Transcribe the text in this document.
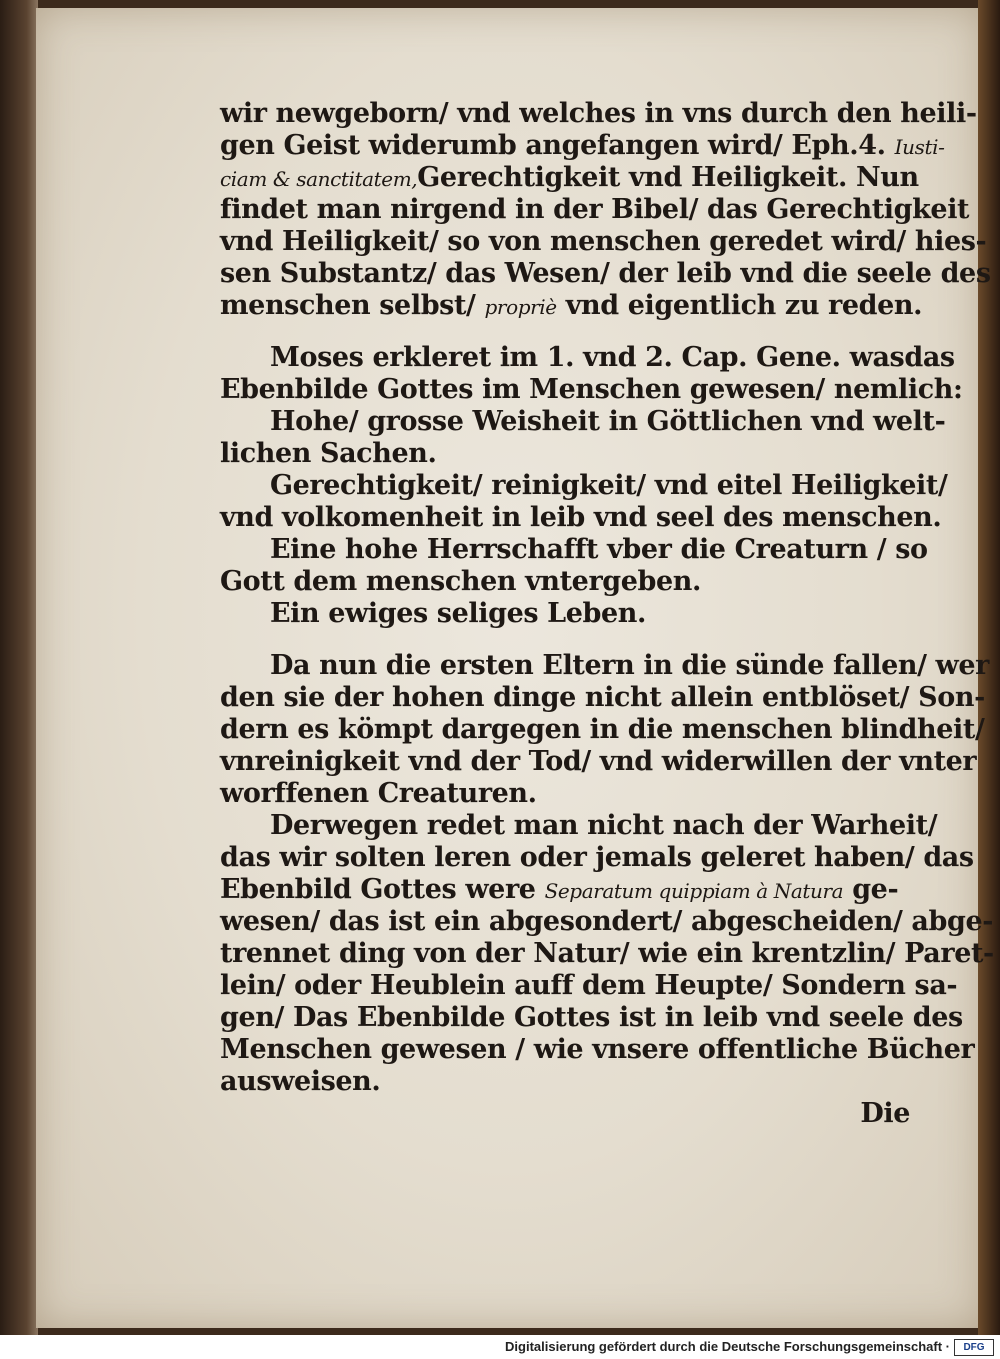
wir newgeborn/ vnd welches in vns durch den heili-
gen Geist widerumb angefangen wird/ Eph.4. Iusti-
ciam & sanctitatem,Gerechtigkeit vnd Heiligkeit. Nun
findet man nirgend in der Bibel/ das Gerechtigkeit
vnd Heiligkeit/ so von menschen geredet wird/ hies-
sen Substantz/ das Wesen/ der leib vnd die seele des
menschen selbst/ propriè vnd eigentlich zu reden.
Moses erkleret im 1. vnd 2. Cap. Gene. wasdas
Ebenbilde Gottes im Menschen gewesen/ nemlich:
Hohe/ grosse Weisheit in Göttlichen vnd welt-
lichen Sachen.
Gerechtigkeit/ reinigkeit/ vnd eitel Heiligkeit/
vnd volkomenheit in leib vnd seel des menschen.
Eine hohe Herrschafft vber die Creaturn / so
Gott dem menschen vntergeben.
Ein ewiges seliges Leben.
Da nun die ersten Eltern in die sünde fallen/ wer
den sie der hohen dinge nicht allein entblöset/ Son-
dern es kömpt dargegen in die menschen blindheit/
vnreinigkeit vnd der Tod/ vnd widerwillen der vnter
worffenen Creaturen.
Derwegen redet man nicht nach der Warheit/
das wir solten leren oder jemals geleret haben/ das
Ebenbild Gottes were Separatum quippiam à Natura ge-
wesen/ das ist ein abgesondert/ abgescheiden/ abge-
trennet ding von der Natur/ wie ein krentzlin/ Paret-
lein/ oder Heublein auff dem Heupte/ Sondern sa-
gen/ Das Ebenbilde Gottes ist in leib vnd seele des
Menschen gewesen / wie vnsere offentliche Bücher
ausweisen.
Die
Digitalisierung gefördert durch die Deutsche Forschungsgemeinschaft ·	DFG
